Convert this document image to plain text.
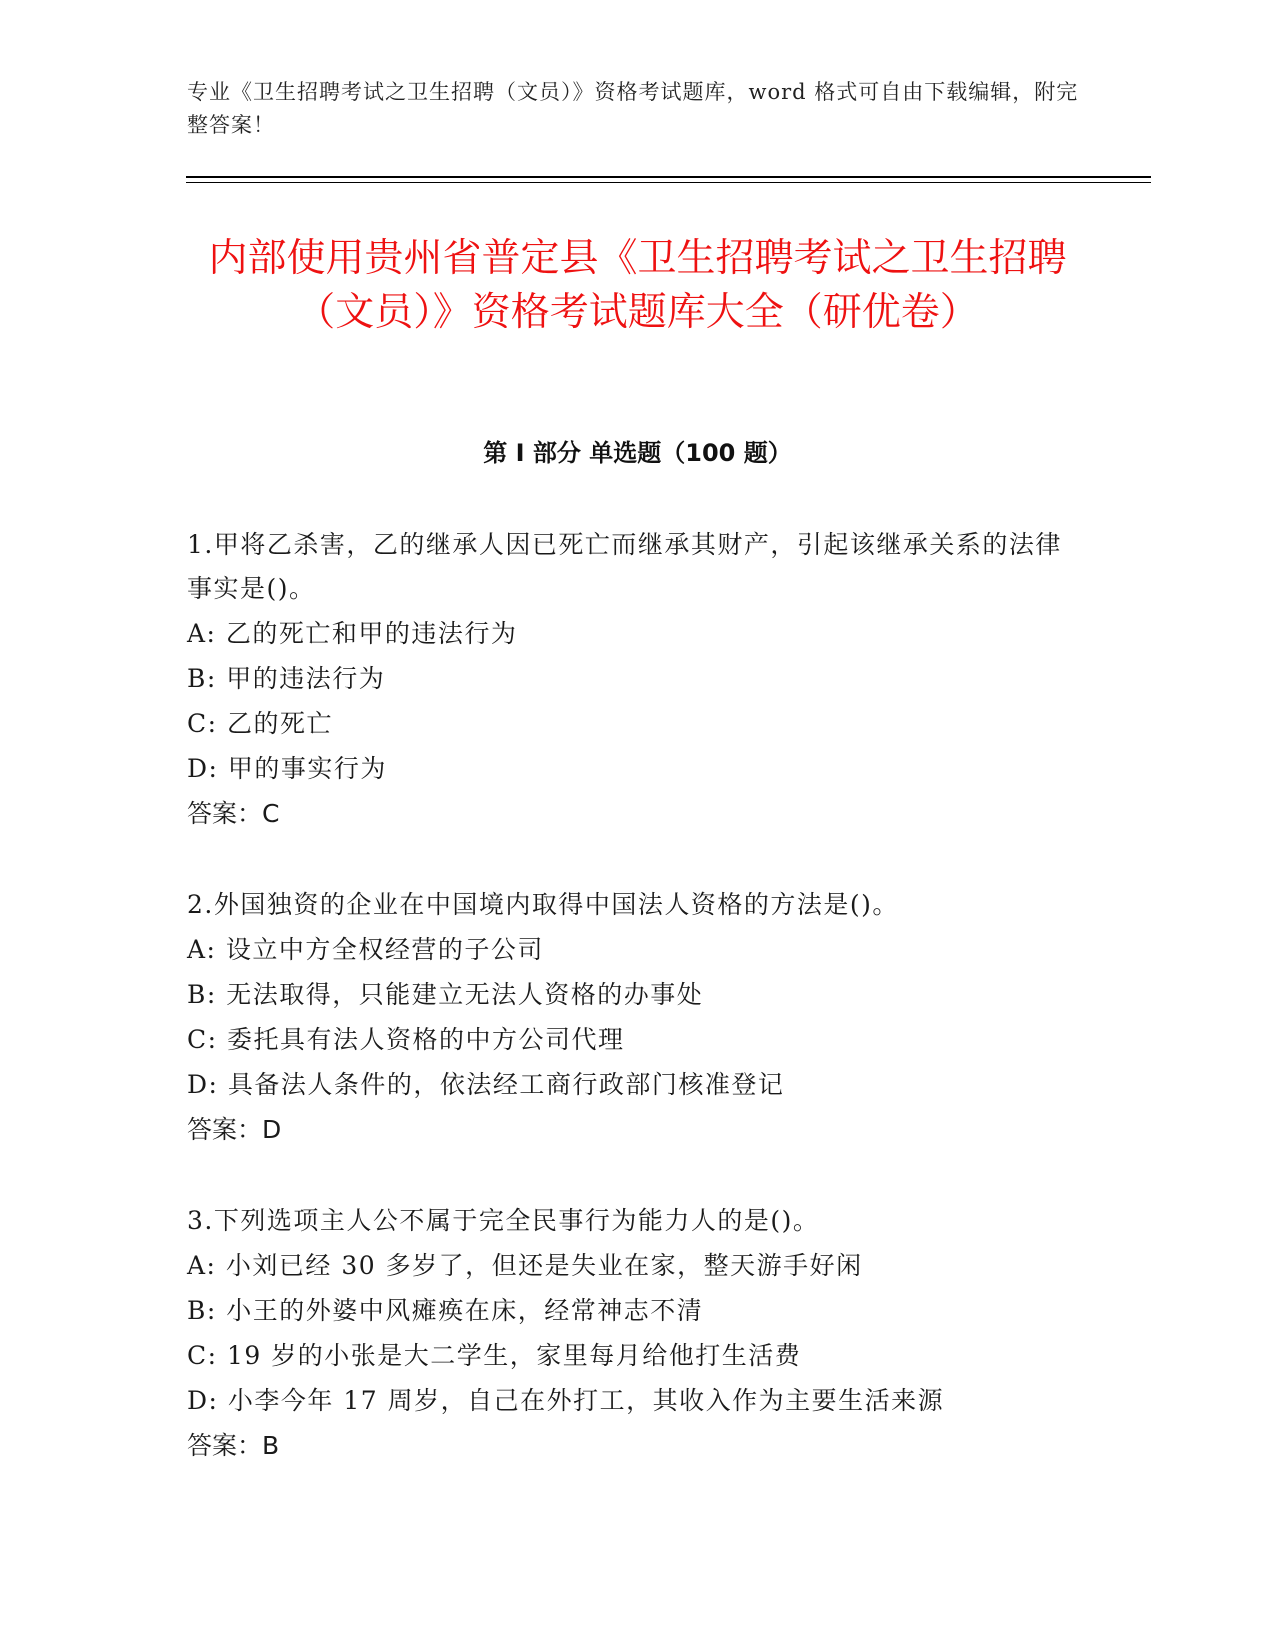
专业《卫生招聘考试之卫生招聘（文员）》资格考试题库，word 格式可自由下载编辑，附完整答案！
内部使用贵州省普定县《卫生招聘考试之卫生招聘（文员）》资格考试题库大全（研优卷）
第 I 部分 单选题（100 题）
1.甲将乙杀害，乙的继承人因已死亡而继承其财产，引起该继承关系的法律事实是()。
A: 乙的死亡和甲的违法行为
B: 甲的违法行为
C: 乙的死亡
D: 甲的事实行为
答案：C
2.外国独资的企业在中国境内取得中国法人资格的方法是()。
A: 设立中方全权经营的子公司
B: 无法取得，只能建立无法人资格的办事处
C: 委托具有法人资格的中方公司代理
D: 具备法人条件的，依法经工商行政部门核准登记
答案：D
3.下列选项主人公不属于完全民事行为能力人的是()。
A: 小刘已经 30 多岁了，但还是失业在家，整天游手好闲
B: 小王的外婆中风瘫痪在床，经常神志不清
C: 19 岁的小张是大二学生，家里每月给他打生活费
D: 小李今年 17 周岁，自己在外打工，其收入作为主要生活来源
答案：B
